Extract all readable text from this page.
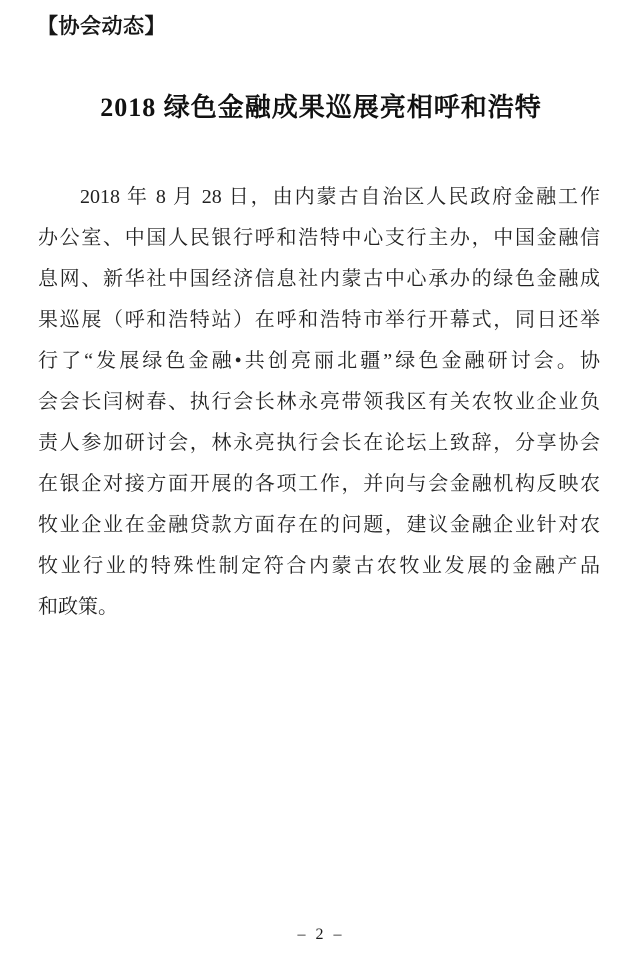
【协会动态】
2018 绿色金融成果巡展亮相呼和浩特
2018 年 8 月 28 日，由内蒙古自治区人民政府金融工作
办公室、中国人民银行呼和浩特中心支行主办，中国金融信
息网、新华社中国经济信息社内蒙古中心承办的绿色金融成
果巡展（呼和浩特站）在呼和浩特市举行开幕式，同日还举
行了“发展绿色金融•共创亮丽北疆”绿色金融研讨会。协
会会长闫树春、执行会长林永亮带领我区有关农牧业企业负
责人参加研讨会，林永亮执行会长在论坛上致辞，分享协会
在银企对接方面开展的各项工作，并向与会金融机构反映农
牧业企业在金融贷款方面存在的问题，建议金融企业针对农
牧业行业的特殊性制定符合内蒙古农牧业发展的金融产品
和政策。
– 2 –
